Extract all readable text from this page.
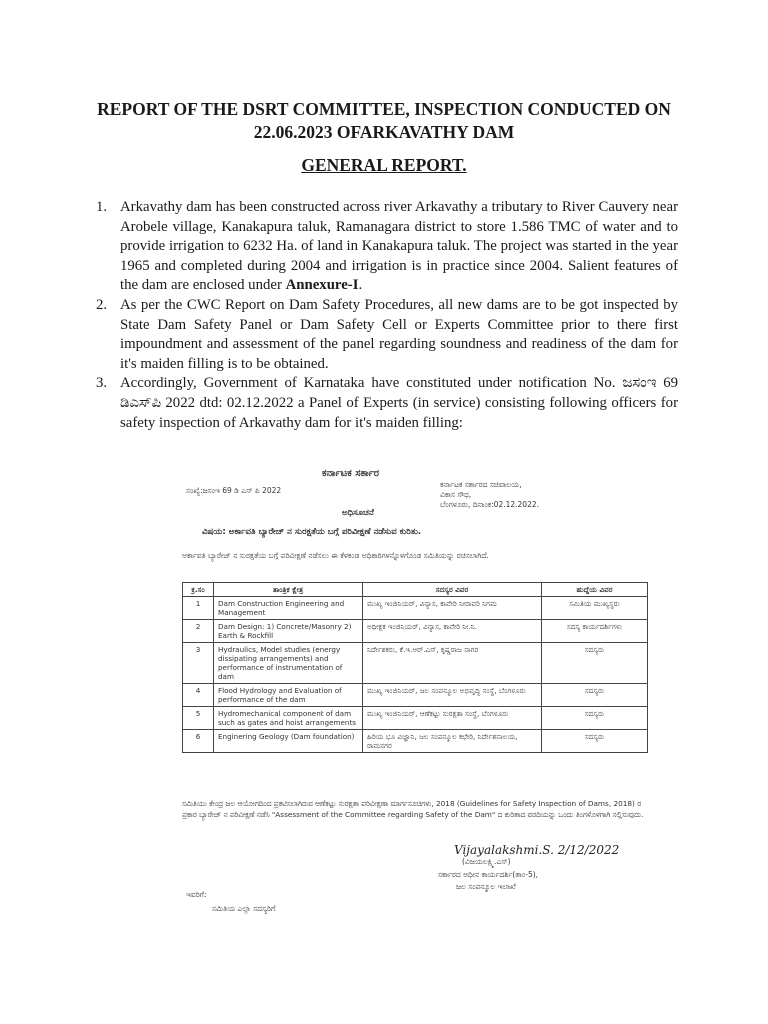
REPORT OF THE DSRT COMMITTEE, INSPECTION CONDUCTED ON
22.06.2023 OFARKAVATHY DAM
GENERAL REPORT.
1. Arkavathy dam has been constructed across river Arkavathy a tributary to River Cauvery near Arobele village, Kanakapura taluk, Ramanagara district to store 1.586 TMC of water and to provide irrigation to 6232 Ha. of land in Kanakapura taluk. The project was started in the year 1965 and completed during 2004 and irrigation is in practice since 2004. Salient features of the dam are enclosed under Annexure-I.
2. As per the CWC Report on Dam Safety Procedures, all new dams are to be got inspected by State Dam Safety Panel or Dam Safety Cell or Experts Committee prior to there first impoundment and assessment of the panel regarding soundness and readiness of the dam for it's maiden filling is to be obtained.
3. Accordingly, Government of Karnataka have constituted under notification No. ಜಸಂಇ 69 ಡಿಎಸ್‌ಪಿ 2022 dtd: 02.12.2022 a Panel of Experts (in service) consisting following officers for safety inspection of Arkavathy dam for it's maiden filling:
ಕರ್ನಾಟಕ ಸರ್ಕಾರ
ಸಂಖ್ಯೆ:ಜಸಂಇ 69 ಡಿ ಎಸ್ ಪಿ 2022
ಕರ್ನಾಟಕ ಸರ್ಕಾರದ ಸಚಿವಾಲಯ,
ವಿಕಾಸ ಸೌಧ,
ಬೆಂಗಳೂರು, ದಿನಾಂಕ:02.12.2022.
ಅಧಿಸೂಚನೆ
ವಿಷಯ: ಅರ್ಕಾವತಿ ಬ್ಯಾರೇಜ್ ನ ಸುರಕ್ಷತೆಯ ಬಗ್ಗೆ ಪರಿವೀಕ್ಷಣೆ ನಡೆಸುವ ಕುರಿತು.
ಅರ್ಕಾವತಿ ಬ್ಯಾರೇಜ್ ನ ಸುರಕ್ಷತೆಯ ಬಗ್ಗೆ ಪರಿವೀಕ್ಷಣೆ ನಡೆಸಲು ಈ ಕೆಳಕಂಡ ಅಧಿಕಾರಿಗಳನ್ನೊಳಗೊಂಡ ಸಮಿತಿಯನ್ನು ರಚಿಸಲಾಗಿದೆ.
ಕ್ರ.ಸಂ	ತಾಂತ್ರಿಕ ಕ್ಷೇತ್ರ	ಸದಸ್ಯರ ವಿವರ	ಹುದ್ದೆಯ ವಿವರ
1	Dam Construction Engineering and Management	ಮುಖ್ಯ ಇಂಜಿನಿಯರ್, ವಿನ್ಯಾಸ, ಕಾವೇರಿ ನೀರಾವರಿ ನಿಗಮ	ಸಮಿತಿಯ ಮುಖ್ಯಸ್ಥರು
2	Dam Design: 1) Concrete/Masonry 2) Earth & Rockfill	ಅಧೀಕ್ಷಕ ಇಂಜಿನಿಯರ್, ವಿನ್ಯಾಸ, ಕಾವೇರಿ ನೀ.ನಿ.	ಸದಸ್ಯ ಕಾರ್ಯದರ್ಶಿಗಳು
3	Hydraulics, Model studies (energy dissipating arrangements) and performance of instrumentation of dam	ನಿರ್ದೇಶಕರು, ಕೆ.ಇ.ಆರ್.ಎಸ್, ಕೃಷ್ಣರಾಜ ಸಾಗರ	ಸದಸ್ಯರು
4	Flood Hydrology and Evaluation of performance of the dam	ಮುಖ್ಯ ಇಂಜಿನಿಯರ್, ಜಲ ಸಂಪನ್ಮೂಲ ಅಭಿವೃದ್ಧಿ ಸಂಸ್ಥೆ, ಬೆಂಗಳೂರು	ಸದಸ್ಯರು
5	Hydromechanical component of dam such as gates and hoist arrangements	ಮುಖ್ಯ ಇಂಜಿನಿಯರ್, ಆಣೆಕಟ್ಟು ಸುರಕ್ಷತಾ ಸಂಸ್ಥೆ, ಬೆಂಗಳೂರು	ಸದಸ್ಯರು
6	Enginering Geology (Dam foundation)	ಹಿರಿಯ ಭೂ ವಿಜ್ಞಾನಿ, ಜಲ ಸಂಪನ್ಮೂಲ ಕಛೇರಿ, ನಿರ್ದೇಶನಾಲಯ, ರಾಮನಗರ	ಸದಸ್ಯರು
ಸಮಿತಿಯು ಕೇಂದ್ರ ಜಲ ಆಯೋಗದಿಂದ ಪ್ರಕಟಿಸಲಾಗಿರುವ ಆಣೆಕಟ್ಟು ಸುರಕ್ಷತಾ ಪರಿವೀಕ್ಷಣಾ ಮಾರ್ಗಸೂಚಿಗಳು, 2018 (Guidelines for Safety Inspection of Dams, 2018) ರ ಪ್ರಕಾರ ಬ್ಯಾರೇಜ್ ನ ಪರಿವೀಕ್ಷಣೆ ನಡೆಸಿ "Assessment of the Committee regarding Safety of the Dam" ದ ಕುರಿತಾದ ವರದಿಯನ್ನು ಒಂದು ತಿಂಗಳೊಳಗಾಗಿ ಸಲ್ಲಿಸುವುದು.
Vijayalakshmi.S. 2/12/2022
(ವಿಜಯಲಕ್ಷ್ಮಿ.ಎಸ್)
ಸರ್ಕಾರದ ಅಧೀನ ಕಾರ್ಯದರ್ಶಿ(ತಾಂ-5),
ಜಲ ಸಂಪನ್ಮೂಲ ಇಲಾಖೆ
ಇವರಿಗೆ:
ಸಮಿತಿಯ ಎಲ್ಲಾ ಸದಸ್ಯರಿಗೆ
